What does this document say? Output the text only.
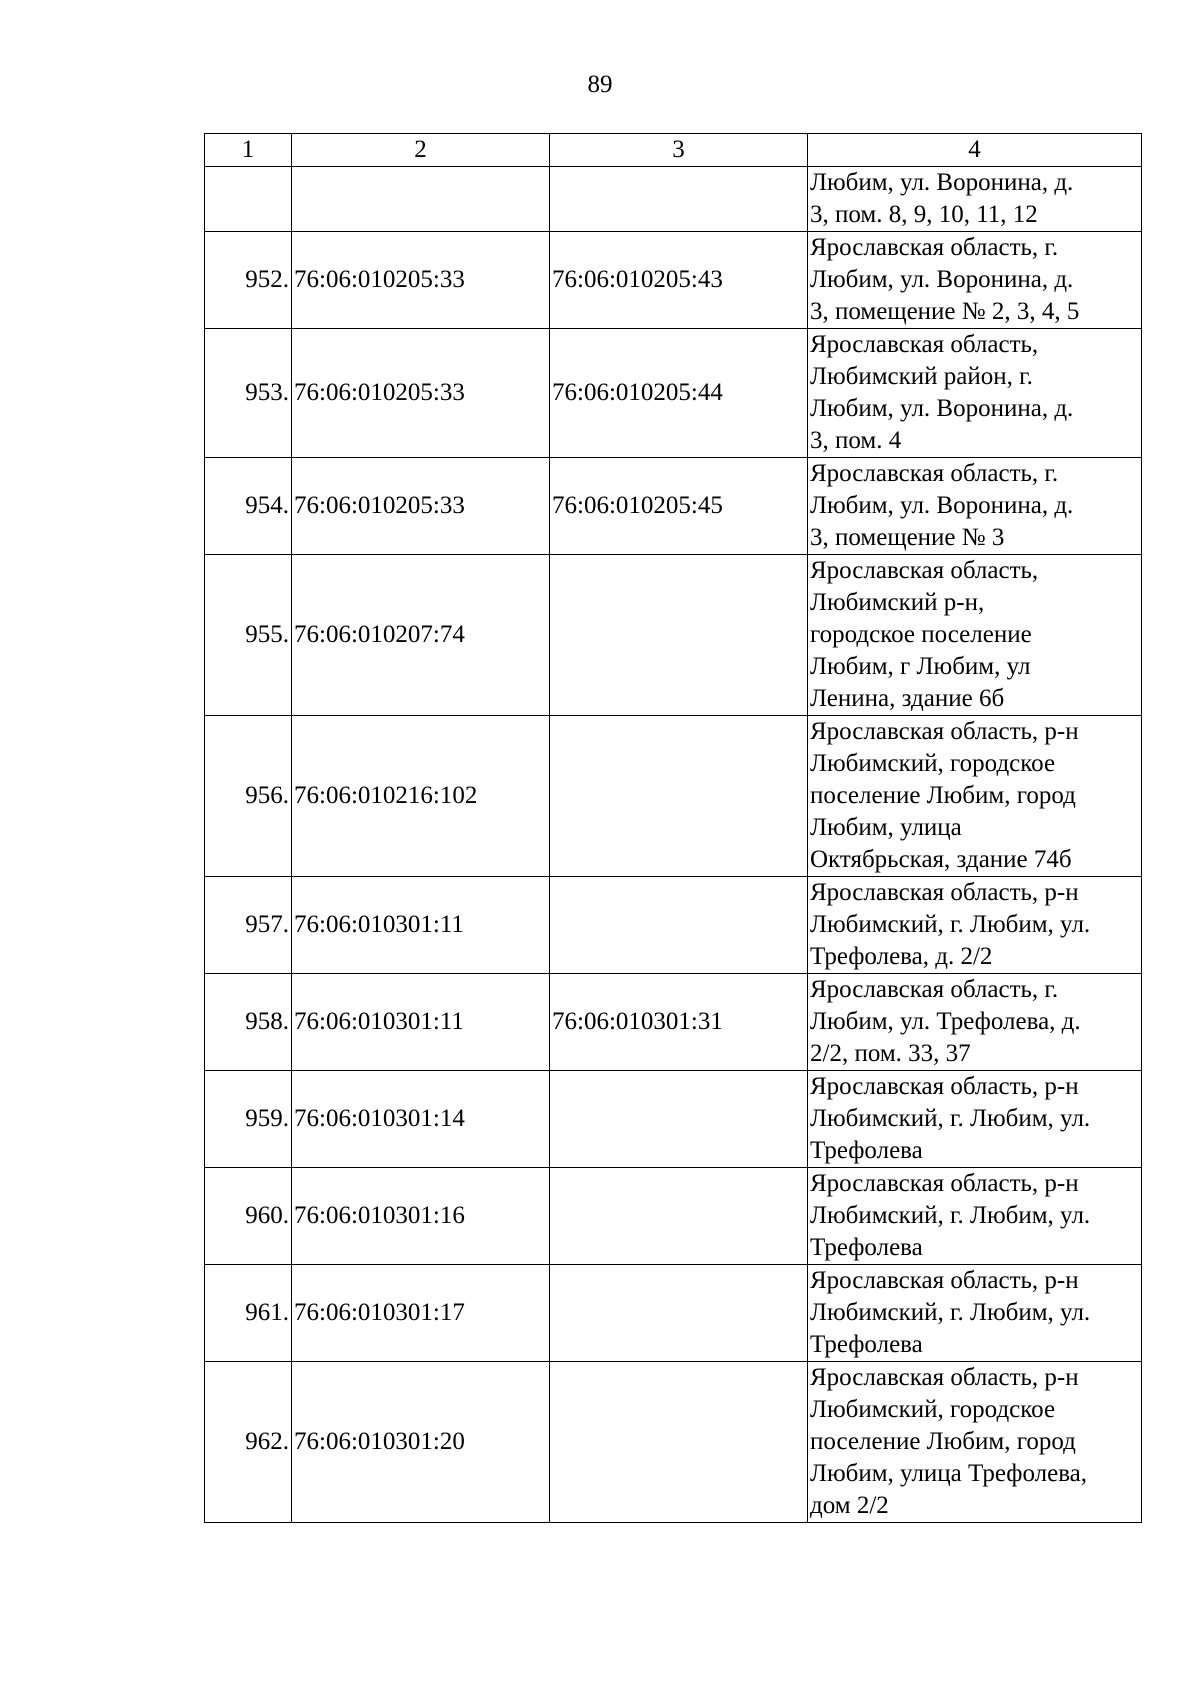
89
1	2	3	4

			Любим, ул. Воронина, д.
3, пом. 8, 9, 10, 11, 12

952.	76:06:010205:33	76:06:010205:43	Ярославская область, г.
Любим, ул. Воронина, д.
3, помещение № 2, 3, 4, 5

953.	76:06:010205:33	76:06:010205:44	Ярославская область,
Любимский район, г.
Любим, ул. Воронина, д.
3, пом. 4

954.	76:06:010205:33	76:06:010205:45	Ярославская область, г.
Любим, ул. Воронина, д.
3, помещение № 3

955.	76:06:010207:74		Ярославская область,
Любимский р-н,
городское поселение
Любим, г Любим, ул
Ленина, здание 6б

956.	76:06:010216:102		Ярославская область, р-н
Любимский, городское
поселение Любим, город
Любим, улица
Октябрьская, здание 74б

957.	76:06:010301:11		Ярославская область, р-н
Любимский, г. Любим, ул.
Трефолева, д. 2/2

958.	76:06:010301:11	76:06:010301:31	Ярославская область, г.
Любим, ул. Трефолева, д.
2/2, пом. 33, 37

959.	76:06:010301:14		Ярославская область, р-н
Любимский, г. Любим, ул.
Трефолева

960.	76:06:010301:16		Ярославская область, р-н
Любимский, г. Любим, ул.
Трефолева

961.	76:06:010301:17		Ярославская область, р-н
Любимский, г. Любим, ул.
Трефолева

962.	76:06:010301:20		Ярославская область, р-н
Любимский, городское
поселение Любим, город
Любим, улица Трефолева,
дом 2/2
